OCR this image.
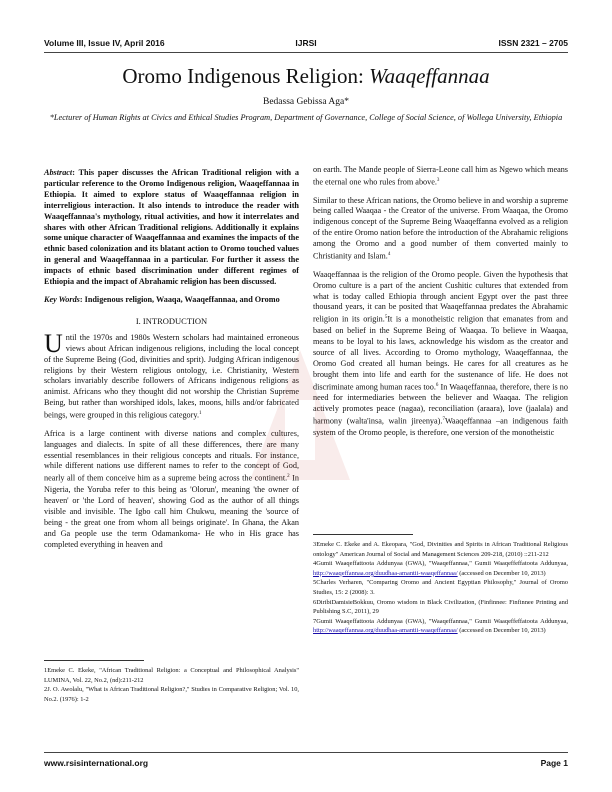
Volume III, Issue IV, April 2016	IJRSI	ISSN 2321 – 2705
Oromo Indigenous Religion: Waaqeffannaa
Bedassa Gebissa Aga*
*Lecturer of Human Rights at Civics and Ethical Studies Program, Department of Governance, College of Social Science, of Wollega University, Ethiopia

Abstract: This paper discusses the African Traditional religion with a particular reference to the Oromo Indigenous religion, Waaqeffannaa in Ethiopia. It aimed to explore status of Waaqeffannaa religion in interreligious interaction. It also intends to introduce the reader with Waaqeffannaa's mythology, ritual activities, and how it interrelates and shares with other African Traditional religions. Additionally it explains some unique character of Waaqeffannaa and examines the impacts of the ethnic based colonization and its blatant action to Oromo touched values in general and Waaqeffannaa in a particular. For further it assess the impacts of ethnic based discrimination under different regimes of Ethiopia and the impact of Abrahamic religion has been discussed.

Key Words: Indigenous religion, Waaqa, Waaqeffannaa, and Oromo

I. INTRODUCTION

Until the 1970s and 1980s Western scholars had maintained erroneous views about African indigenous religions, including the local concept of the Supreme Being (God, divinities and sprit). Judging African indigenous religions by their Western religious ontology, i.e. Christianity, Western scholars invariably describe followers of Africans indigenous religions as animist. Africans who they thought did not worship the Christian Supreme Being, but rather than worshiped idols, lakes, moons, hills and/or fabricated beings, were grouped in this religious category.$^1$

Africa is a large continent with diverse nations and complex cultures, languages and dialects. In spite of all these differences, there are many essential resemblances in their religious concepts and rituals. For instance, while different nations use different names to refer to the concept of God, nearly all of them conceive him as a supreme being across the continent.$^2$ In Nigeria, the Yoruba refer to this being as 'Olorun', meaning 'the owner of heaven' or 'the Lord of heaven', showing God as the author of all things visible and invisible. The Igbo call him Chukwu, meaning the 'source of being - the great one from whom all beings originate'. In Ghana, the Akan and Ga people use the term Odamankoma- He who in His grace has completed everything in heaven and

on earth. The Mande people of Sierra-Leone call him as Ngewo which means the eternal one who rules from above.$^3$

Similar to these African nations, the Oromo believe in and worship a supreme being called Waaqaa - the Creator of the universe. From Waaqaa, the Oromo indigenous concept of the Supreme Being Waaqeffanna evolved as a religion of the entire Oromo nation before the introduction of the Abrahamic religions among the Oromo and a good number of them converted mainly to Christianity and Islam.$^4$

Waaqeffannaa is the religion of the Oromo people. Given the hypothesis that Oromo culture is a part of the ancient Cushitic cultures that extended from what is today called Ethiopia through ancient Egypt over the past three thousand years, it can be posited that Waaqeffannaa predates the Abrahamic religion in its origin.$^5$It is a monotheistic religion that emanates from and based on belief in the Supreme Being of Waaqaa. To believe in Waaqaa, means to be loyal to his laws, acknowledge his wisdom as the creator and source of all lives. According to Oromo mythology, Waaqeffannaa, the Oromo God created all human beings. He cares for all creatures as he brought them into life and earth for the sustenance of life. He does not discriminate among human races too.$^6$ In Waaqeffannaa, therefore, there is no need for intermediaries between the believer and Waaqaa. The religion actively promotes peace (nagaa), reconciliation (araara), love (jaalala) and harmony (walta'insa, walin jireenya).$^7$Waaqeffannaa –an indigenous faith system of the Oromo people, is therefore, one version of the monotheistic

1Emeke C. Ekeke, "African Traditional Religion: a Conceptual and Philosophical Analysis" LUMINA, Vol. 22, No.2, (nd):211-212
2J. O. Awolalu, "What is African Traditional Religion?," Studies in Comparative Religion; Vol. 10, No.2. (1976): 1-2
3Emeke C. Ekeke and A. Ekeopara, "God, Divinities and Spirits in African Traditional Religious ontology" American Journal of Social and Management Sciences 209-218, (2010) ::211-212
4Gumii Waaqeffattoota Addunyaa (GWA), "Waaqeffannaa," Gumii Waaqeffeffatoota Addunyaa, http://waaqeffannaa.org/duudhaa-amantii-waaqeffannaa/ (accessed on December 10, 2013)
5Charles Verharen, "Comparing Oromo and Ancient Egyptian Philosophy," Journal of Oromo Studies, 15: 2 (2008): 3.
6DiribiDamisieBokkuu, Oromo wisdom in Black Civilization, (Finfinnee: Finfinnee Printing and Publishing S.C, 2011), 29
7Gumii Waaqeffattoota Addunyaa (GWA), "Waaqeffannaa," Gumii Waaqeffeffatoota Addunyaa, http://waaqeffannaa.org/duudhaa-amantii-waaqeffannaa/ (accessed on December 10, 2013)
www.rsisinternational.org	Page 1
